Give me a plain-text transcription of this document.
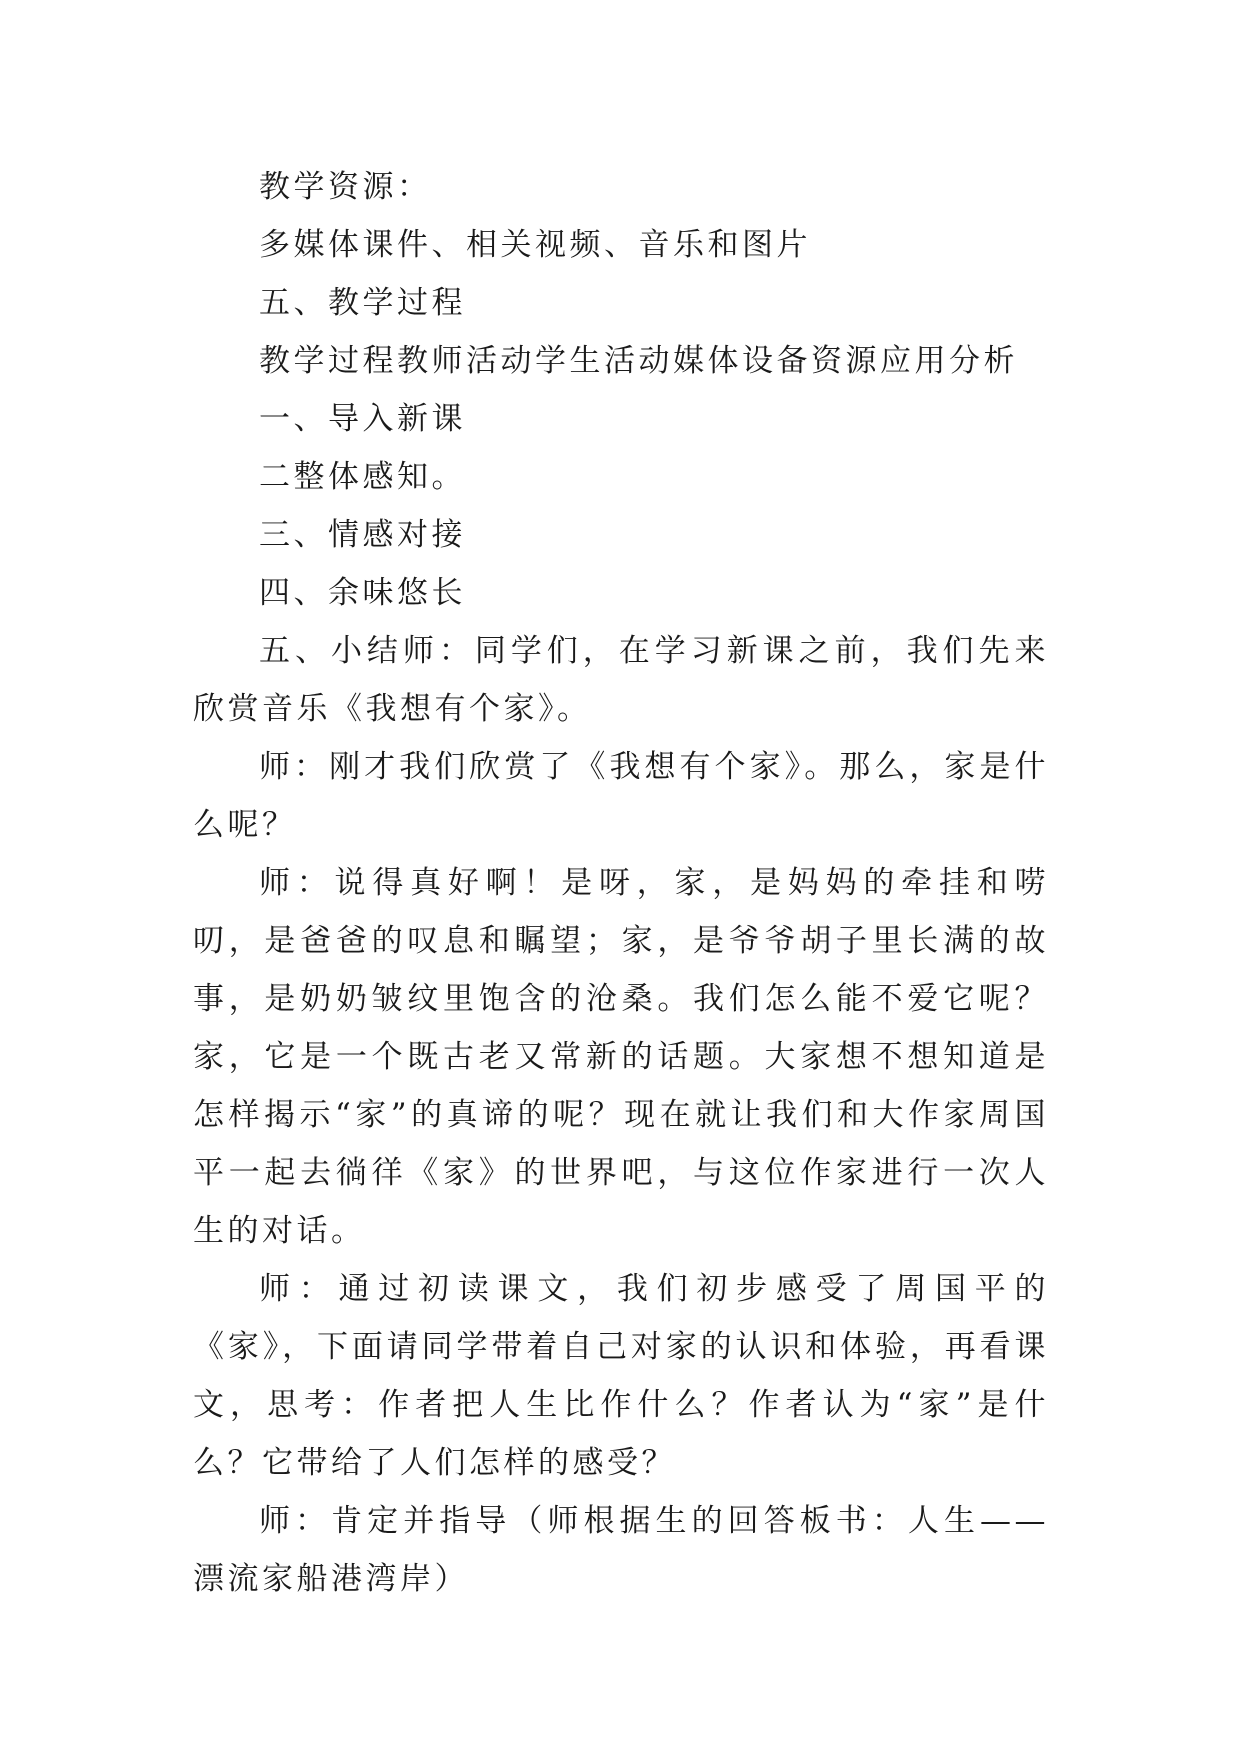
教学资源：

多媒体课件、相关视频、音乐和图片

五、教学过程

教学过程教师活动学生活动媒体设备资源应用分析

一、导入新课

二整体感知。

三、情感对接

四、余味悠长

五、小结师：同学们，在学习新课之前，我们先来欣赏音乐《我想有个家》。

师：刚才我们欣赏了《我想有个家》。那么，家是什么呢？

师：说得真好啊！是呀，家，是妈妈的牵挂和唠叨，是爸爸的叹息和瞩望；家，是爷爷胡子里长满的故事，是奶奶皱纹里饱含的沧桑。我们怎么能不爱它呢？家，它是一个既古老又常新的话题。大家想不想知道是怎样揭示“家”的真谛的呢？现在就让我们和大作家周国平一起去徜徉《家》的世界吧，与这位作家进行一次人生的对话。

师：通过初读课文，我们初步感受了周国平的《家》，下面请同学带着自己对家的认识和体验，再看课文，思考：作者把人生比作什么？作者认为“家”是什么？它带给了人们怎样的感受？

师：肯定并指导（师根据生的回答板书：人生——漂流家船港湾岸）
